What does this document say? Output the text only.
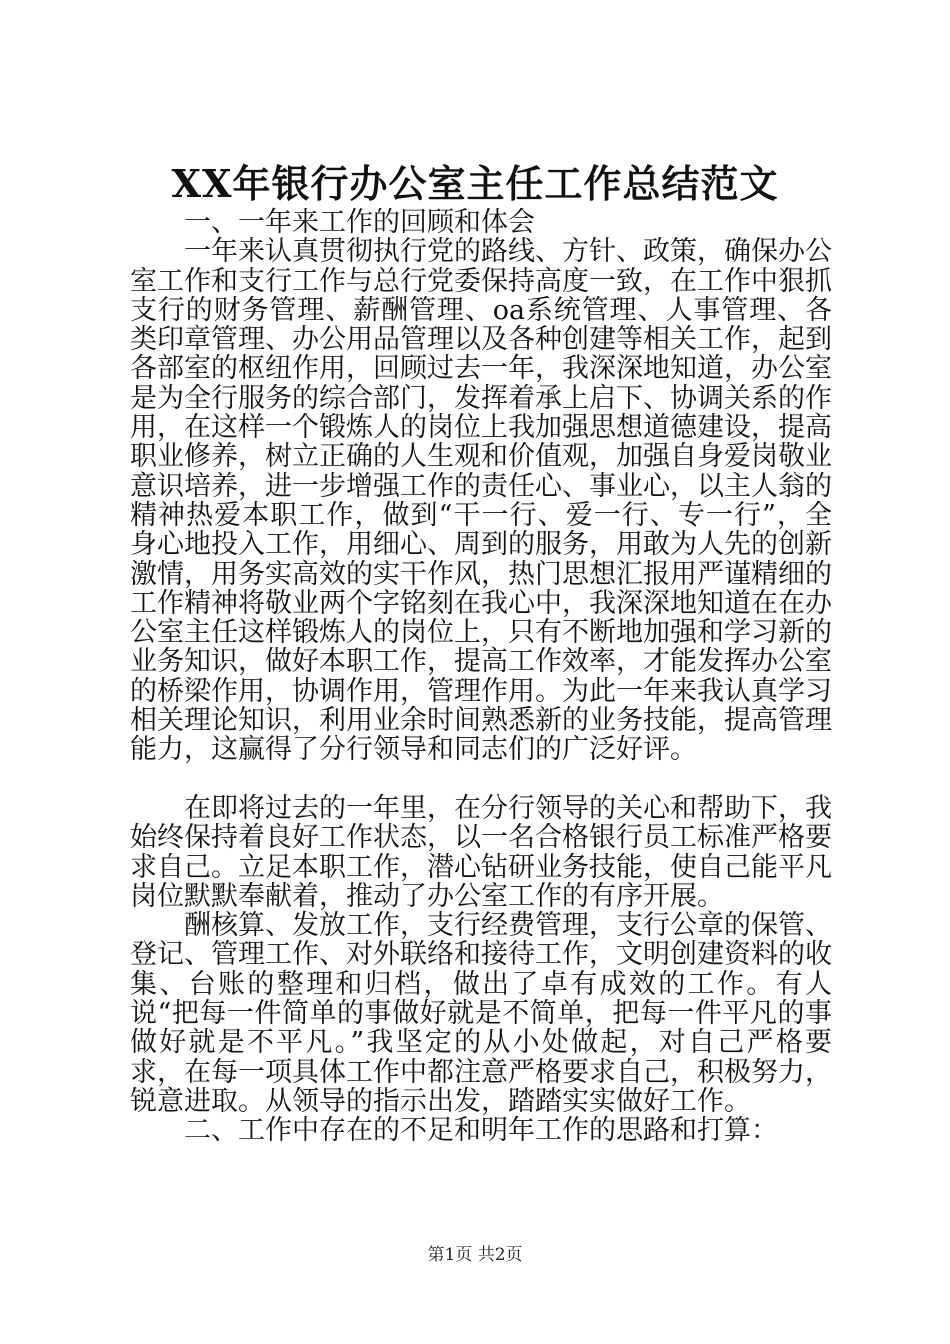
XX年银行办公室主任工作总结范文

一、一年来工作的回顾和体会

一年来认真贯彻执行党的路线、方针、政策，确保办公室工作和支行工作与总行党委保持高度一致，在工作中狠抓支行的财务管理、薪酬管理、oa系统管理、人事管理、各类印章管理、办公用品管理以及各种创建等相关工作，起到各部室的枢纽作用，回顾过去一年，我深深地知道，办公室是为全行服务的综合部门，发挥着承上启下、协调关系的作用，在这样一个锻炼人的岗位上我加强思想道德建设，提高职业修养，树立正确的人生观和价值观，加强自身爱岗敬业意识培养，进一步增强工作的责任心、事业心，以主人翁的精神热爱本职工作，做到“干一行、爱一行、专一行”，全身心地投入工作，用细心、周到的服务，用敢为人先的创新激情，用务实高效的实干作风，热门思想汇报用严谨精细的工作精神将敬业两个字铭刻在我心中，我深深地知道在在办公室主任这样锻炼人的岗位上，只有不断地加强和学习新的业务知识，做好本职工作，提高工作效率，才能发挥办公室的桥梁作用，协调作用，管理作用。为此一年来我认真学习相关理论知识，利用业余时间熟悉新的业务技能，提高管理能力，这赢得了分行领导和同志们的广泛好评。

在即将过去的一年里，在分行领导的关心和帮助下，我始终保持着良好工作状态，以一名合格银行员工标准严格要求自己。立足本职工作，潜心钻研业务技能，使自己能平凡岗位默默奉献着，推动了办公室工作的有序开展。

酬核算、发放工作，支行经费管理，支行公章的保管、登记、管理工作、对外联络和接待工作，文明创建资料的收集、台账的整理和归档，做出了卓有成效的工作。有人说“把每一件简单的事做好就是不简单，把每一件平凡的事做好就是不平凡。”我坚定的从小处做起，对自己严格要求，在每一项具体工作中都注意严格要求自己，积极努力，锐意进取。从领导的指示出发，踏踏实实做好工作。

二、工作中存在的不足和明年工作的思路和打算：

第1页 共2页
